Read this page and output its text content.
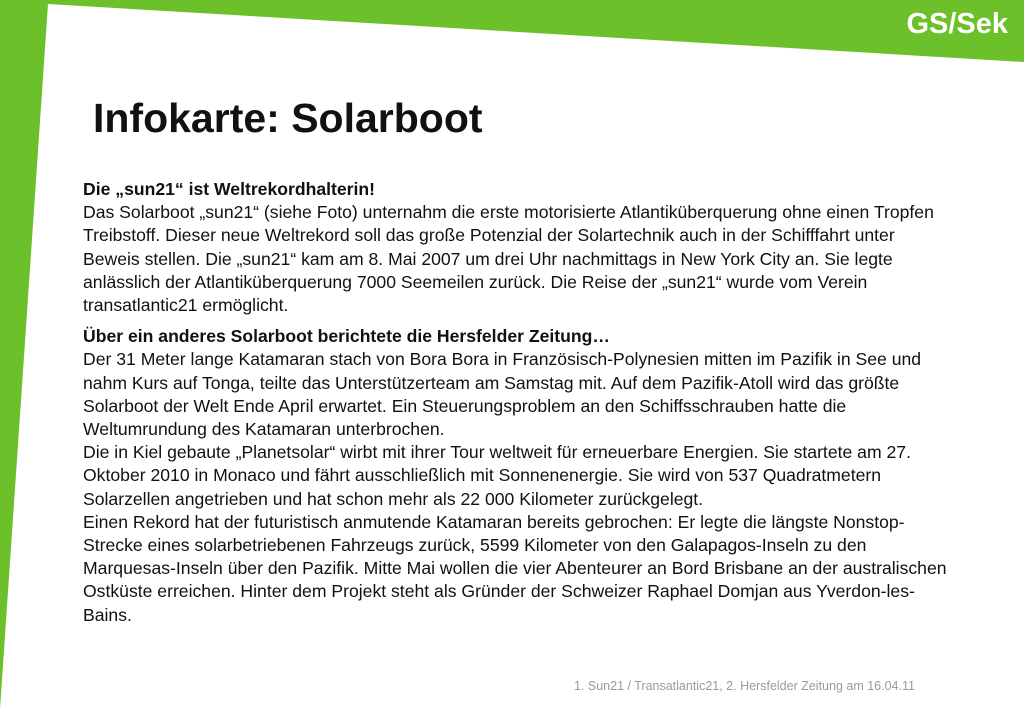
GS/Sek
Infokarte: Solarboot

Die „sun21“ ist Weltrekordhalterin!

Das Solarboot „sun21“ (siehe Foto) unternahm die erste motorisierte Atlantiküberquerung ohne einen Tropfen Treibstoff. Dieser neue Weltrekord soll das große Potenzial der Solartechnik auch in der Schifffahrt unter Beweis stellen. Die „sun21“ kam am 8. Mai 2007 um drei Uhr nachmittags in New York City an. Sie legte anlässlich der Atlantiküberquerung 7000 Seemeilen zurück. Die Reise der „sun21“ wurde vom Verein transatlantic21 ermöglicht.

Über ein anderes Solarboot berichtete die Hersfelder Zeitung…

Der 31 Meter lange Katamaran stach von Bora Bora in Französisch-Polynesien mitten im Pazifik in See und nahm Kurs auf Tonga, teilte das Unterstützerteam am Samstag mit. Auf dem Pazifik-Atoll wird das größte Solarboot der Welt Ende April erwartet. Ein Steuerungsproblem an den Schiffsschrauben hatte die Weltumrundung des Katamaran unterbrochen.

Die in Kiel gebaute „Planetsolar“ wirbt mit ihrer Tour weltweit für erneuerbare Energien. Sie startete am 27. Oktober 2010 in Monaco und fährt ausschließlich mit Sonnenenergie. Sie wird von 537 Quadratmetern Solarzellen angetrieben und hat schon mehr als 22 000 Kilometer zurückgelegt.

Einen Rekord hat der futuristisch anmutende Katamaran bereits gebrochen: Er legte die längste Nonstop-Strecke eines solarbetriebenen Fahrzeugs zurück, 5599 Kilometer von den Galapagos-Inseln zu den Marquesas-Inseln über den Pazifik. Mitte Mai wollen die vier Abenteurer an Bord Brisbane an der australischen Ostküste erreichen. Hinter dem Projekt steht als Gründer der Schweizer Raphael Domjan aus Yverdon-les-Bains.

1. Sun21 / Transatlantic21, 2. Hersfelder Zeitung am 16.04.11
